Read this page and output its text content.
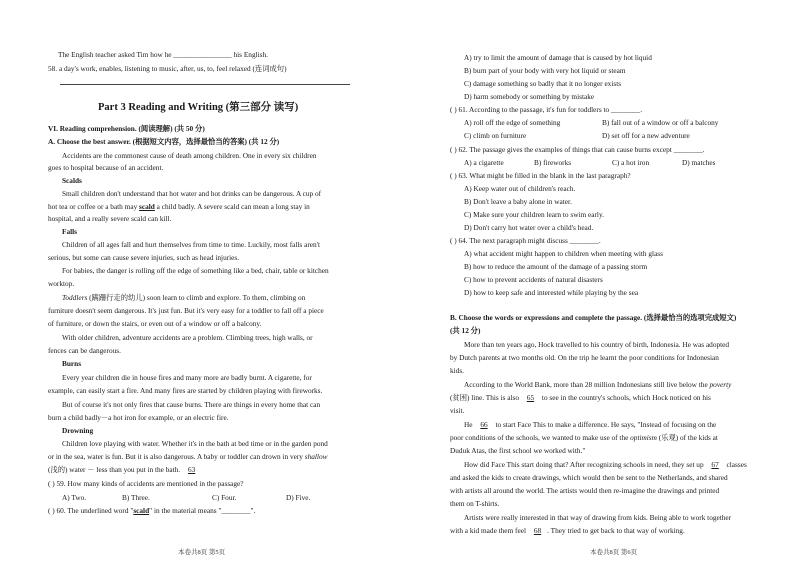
The English teacher asked Tim how he ________________ his English.
58. a day's work, enables, listening to music, after, us, to, feel relaxed (连词成句)
Part 3 Reading and Writing (第三部分 读写)
VI. Reading comprehension. (阅读理解) (共 50 分)
A. Choose the best answer. (根据短文内容，选择最恰当的答案) (共 12 分)
Accidents are the commonest cause of death among children. One in every six children
goes to hospital because of an accident.
Scalds
Small children don't understand that hot water and hot drinks can be dangerous. A cup of
hot tea or coffee or a bath may scald a child badly. A severe scald can mean a long stay in
hospital, and a really severe scald can kill.
Falls
Children of all ages fall and hurt themselves from time to time. Luckily, most falls aren't
serious, but some can cause severe injuries, such as head injuries.
For babies, the danger is rolling off the edge of something like a bed, chair, table or kitchen
worktop.
Toddlers (蹒跚行走的幼儿) soon learn to climb and explore. To them, climbing on
furniture doesn't seem dangerous. It's just fun. But it's very easy for a toddler to fall off a piece
of furniture, or down the stairs, or even out of a window or off a balcony.
With older children, adventure accidents are a problem. Climbing trees, high walls, or
fences can be dangerous.
Burns
Every year children die in house fires and many more are badly burnt. A cigarette, for
example, can easily start a fire. And many fires are started by children playing with fireworks.
But of course it's not only fires that cause burns. There are things in every home that can
burn a child badly－a hot iron for example, or an electric fire.
Drowning
Children love playing with water. Whether it's in the bath at bed time or in the garden pond
or in the sea, water is fun. But it is also dangerous. A baby or toddler can drown in very shallow
(浅的) water － less than you put in the bath. 63
( ) 59. How many kinds of accidents are mentioned in the passage?
A) Two.	B) Three.	C) Four.	D) Five.
( ) 60. The underlined word "scald" in the material means "________".
本卷共8页 第5页
A) try to limit the amount of damage that is caused by hot liquid
B) burn part of your body with very hot liquid or steam
C) damage something so badly that it no longer exists
D) harm somebody or something by mistake
( ) 61. According to the passage, it's fun for toddlers to ________.
A) roll off the edge of something	B) fall out of a window or off a balcony
C) climb on furniture	D) set off for a new adventure
( ) 62. The passage gives the examples of things that can cause burns except ________.
A) a cigarette	B) fireworks	C) a hot iron	D) matches
( ) 63. What might be filled in the blank in the last paragraph?
A) Keep water out of children's reach.
B) Don't leave a baby alone in water.
C) Make sure your children learn to swim early.
D) Don't carry hot water over a child's head.
( ) 64. The next paragraph might discuss ________.
A) what accident might happen to children when meeting with glass
B) how to reduce the amount of the damage of a passing storm
C) how to prevent accidents of natural disasters
D) how to keep safe and interested while playing by the sea
B. Choose the words or expressions and complete the passage. (选择最恰当的选项完成短文)
(共 12 分)
More than ten years ago, Hock travelled to his country of birth, Indonesia. He was adopted
by Dutch parents at two months old. On the trip he learnt the poor conditions for Indonesian
kids.
According to the World Bank, more than 28 million Indonesians still live below the poverty
(贫困) line. This is also 65 to see in the country's schools, which Hock noticed on his
visit.
He 66 to start Face This to make a difference. He says, "Instead of focusing on the
poor conditions of the schools, we wanted to make use of the optimism (乐观) of the kids at
Duduk Atas, the first school we worked with."
How did Face This start doing that? After recognizing schools in need, they set up 67 classes
and asked the kids to create drawings, which would then be sent to the Netherlands, and shared
with artists all around the world. The artists would then re-imagine the drawings and printed
them on T-shirts.
Artists were really interested in that way of drawing from kids. Being able to work together
with a kid made them feel 68 . They tried to get back to that way of working.
本卷共8页 第6页
